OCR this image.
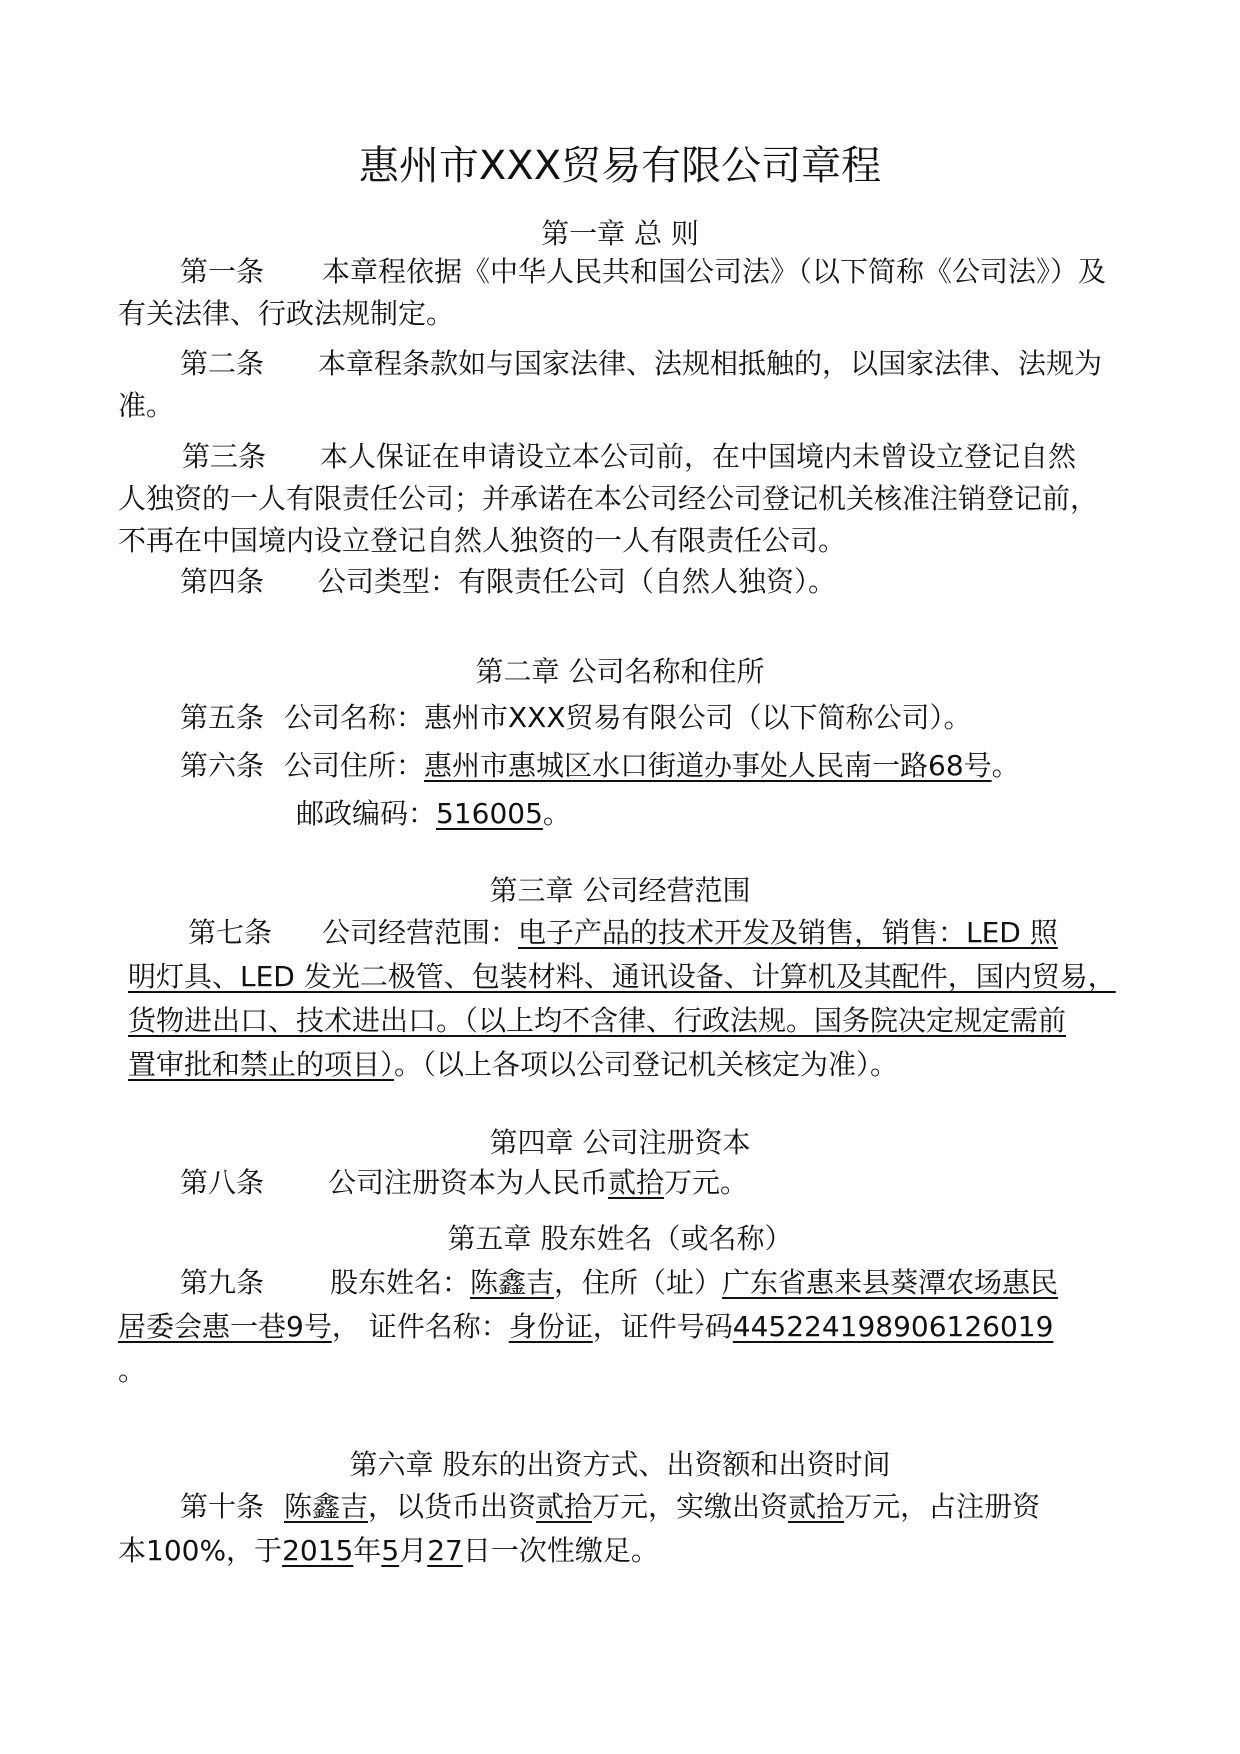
惠州市XXX贸易有限公司章程
第一章 总 则
第一条 本章程依据《中华人民共和国公司法》（以下简称《公司法》）及
有关法律、行政法规制定。
第二条 本章程条款如与国家法律、法规相抵触的，以国家法律、法规为
准。
第三条 本人保证在申请设立本公司前，在中国境内未曾设立登记自然
人独资的一人有限责任公司；并承诺在本公司经公司登记机关核准注销登记前，
不再在中国境内设立登记自然人独资的一人有限责任公司。
第四条 公司类型：有限责任公司（自然人独资）。
第二章 公司名称和住所
第五条 公司名称：惠州市XXX贸易有限公司（以下简称公司）。
第六条 公司住所：惠州市惠城区水口街道办事处人民南一路68号。
邮政编码：516005。
第三章 公司经营范围
第七条 公司经营范围：电子产品的技术开发及销售，销售：LED 照
明灯具、LED 发光二极管、包装材料、通讯设备、计算机及其配件，国内贸易，
货物进出口、技术进出口。（以上均不含律、行政法规。国务院决定规定需前
置审批和禁止的项目）。（以上各项以公司登记机关核定为准）。
第四章 公司注册资本
第八条 公司注册资本为人民币贰拾万元。
第五章 股东姓名（或名称）
第九条 股东姓名：陈鑫吉，住所（址）广东省惠来县葵潭农场惠民
居委会惠一巷9号， 证件名称：身份证，证件号码445224198906126019
。
第六章 股东的出资方式、出资额和出资时间
第十条 陈鑫吉，以货币出资贰拾万元，实缴出资贰拾万元，占注册资
本100%，于2015年5月27日一次性缴足。
